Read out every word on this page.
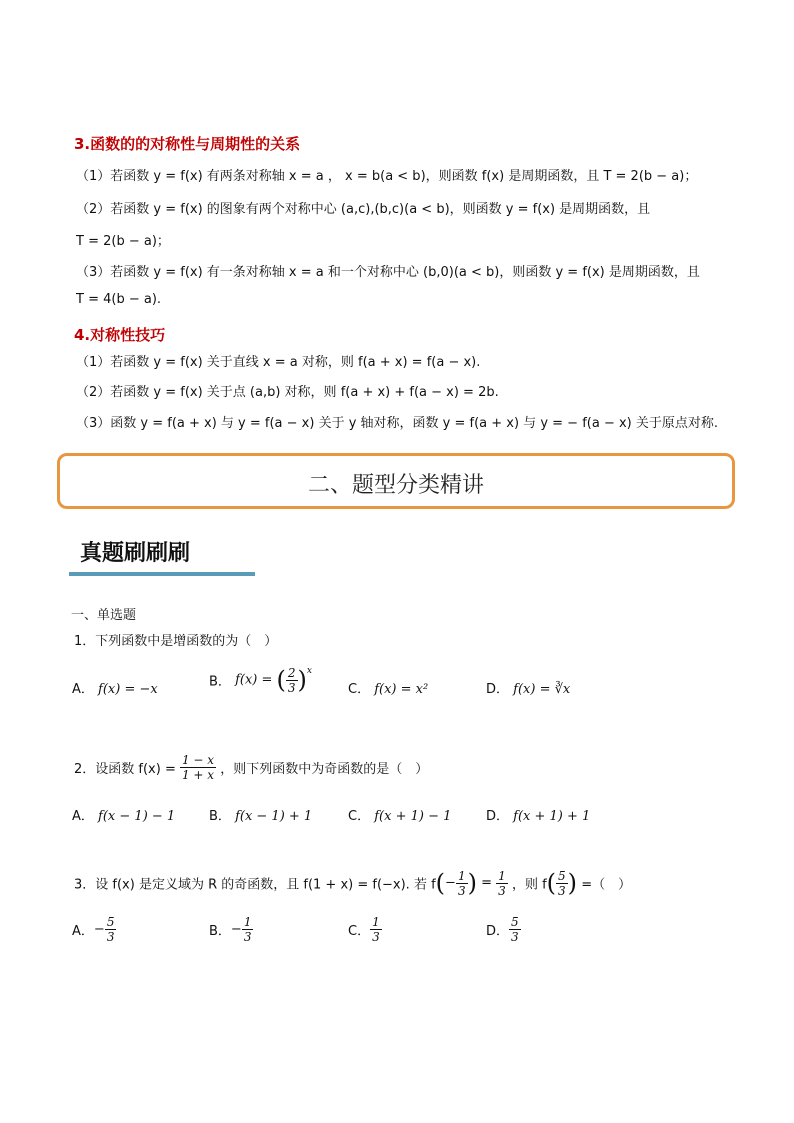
3.函数的的对称性与周期性的关系
（1）若函数 y = f(x) 有两条对称轴 x = a ， x = b(a < b)，则函数 f(x) 是周期函数，且 T = 2(b − a)；
（2）若函数 y = f(x) 的图象有两个对称中心 (a,c),(b,c)(a < b)，则函数 y = f(x) 是周期函数，且
T = 2(b − a)；
（3）若函数 y = f(x) 有一条对称轴 x = a 和一个对称中心 (b,0)(a < b)，则函数 y = f(x) 是周期函数，且
T = 4(b − a).
4.对称性技巧
（1）若函数 y = f(x) 关于直线 x = a 对称，则 f(a + x) = f(a − x).
（2）若函数 y = f(x) 关于点 (a,b) 对称，则 f(a + x) + f(a − x) = 2b.
（3）函数 y = f(a + x) 与 y = f(a − x) 关于 y 轴对称，函数 y = f(a + x) 与 y = − f(a − x) 关于原点对称.
二、题型分类精讲
真题刷刷刷
一、单选题
1．下列函数中是增函数的为（　）
A． f(x) = −x	B． f(x) = ( $\frac{2}{3} )^x$
C． f(x) = x²	D． f(x) = ∛x
2．设函数 $f(x) = \frac{1 - x}{1 + x}$ ，则下列函数中为奇函数的是（　）
A． f(x − 1) − 1	B． f(x − 1) + 1	C． f(x + 1) − 1	D． f(x + 1) + 1
3．设 f(x) 是定义域为 R 的奇函数，且 f(1 + x) = f(−x). 若 $f(- \frac{1}{3}$ ) = $\frac{1}{3}$ ，则 $f( \frac{5}{3}$ ) =（　）
A．− $\frac{5}{3}$	B．− $\frac{1}{3}$	C． $\frac{1}{3}$	D． $\frac{5}{3}$
